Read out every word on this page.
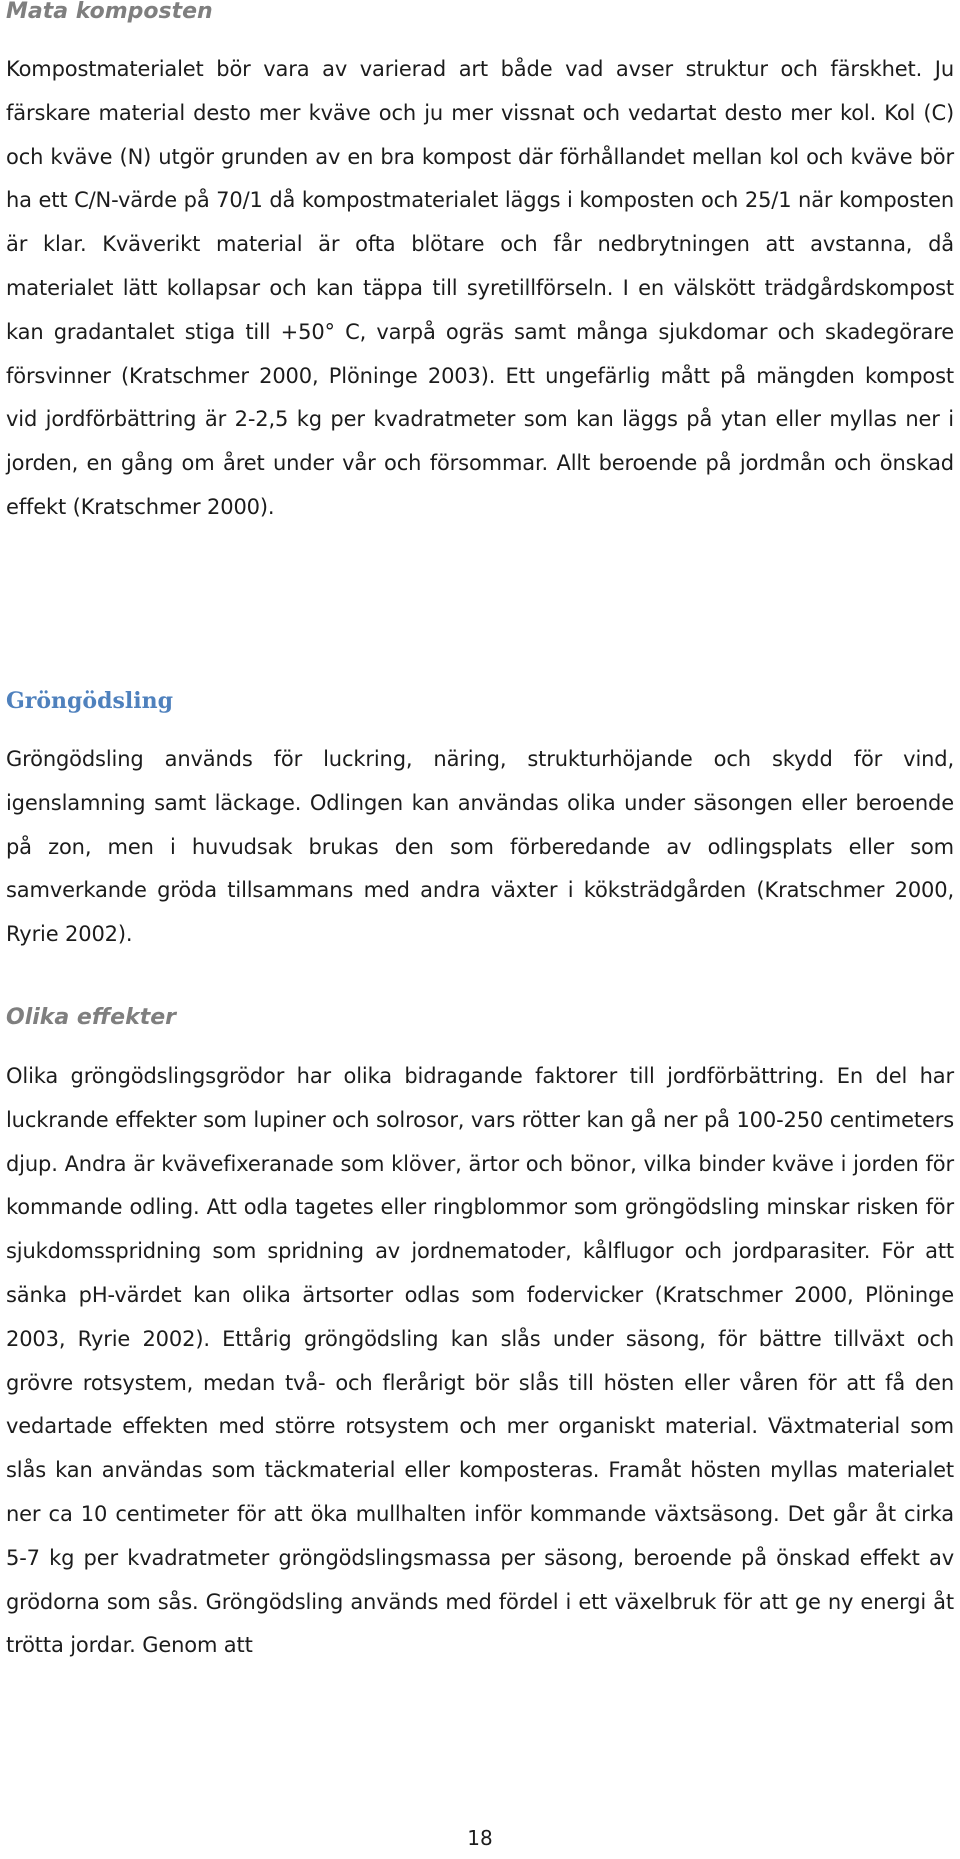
Mata komposten

Kompostmaterialet bör vara av varierad art både vad avser struktur och färskhet. Ju färskare material desto mer kväve och ju mer vissnat och vedartat desto mer kol. Kol (C) och kväve (N) utgör grunden av en bra kompost där förhållandet mellan kol och kväve bör ha ett C/N-värde på 70/1 då kompostmaterialet läggs i komposten och 25/1 när komposten är klar. Kväverikt material är ofta blötare och får nedbrytningen att avstanna, då materialet lätt kollapsar och kan täppa till syretillförseln. I en välskött trädgårdskompost kan gradantalet stiga till +50° C, varpå ogräs samt många sjukdomar och skadegörare försvinner (Kratschmer 2000, Plöninge 2003). Ett ungefärlig mått på mängden kompost vid jordförbättring är 2-2,5 kg per kvadratmeter som kan läggs på ytan eller myllas ner i jorden, en gång om året under vår och försommar. Allt beroende på jordmån och önskad effekt (Kratschmer 2000).

Gröngödsling

Gröngödsling används för luckring, näring, strukturhöjande och skydd för vind, igenslamning samt läckage. Odlingen kan användas olika under säsongen eller beroende på zon, men i huvudsak brukas den som förberedande av odlingsplats eller som samverkande gröda tillsammans med andra växter i köksträdgården (Kratschmer 2000, Ryrie 2002).

Olika effekter

Olika gröngödslingsgrödor har olika bidragande faktorer till jordförbättring. En del har luckrande effekter som lupiner och solrosor, vars rötter kan gå ner på 100-250 centimeters djup. Andra är kvävefixeranade som klöver, ärtor och bönor, vilka binder kväve i jorden för kommande odling. Att odla tagetes eller ringblommor som gröngödsling minskar risken för sjukdomsspridning som spridning av jordnematoder, kålflugor och jordparasiter. För att sänka pH-värdet kan olika ärtsorter odlas som fodervicker (Kratschmer 2000, Plöninge 2003, Ryrie 2002). Ettårig gröngödsling kan slås under säsong, för bättre tillväxt och grövre rotsystem, medan två- och flerårigt bör slås till hösten eller våren för att få den vedartade effekten med större rotsystem och mer organiskt material. Växtmaterial som slås kan användas som täckmaterial eller komposteras. Framåt hösten myllas materialet ner ca 10 centimeter för att öka mullhalten inför kommande växtsäsong. Det går åt cirka 5-7 kg per kvadratmeter gröngödslingsmassa per säsong, beroende på önskad effekt av grödorna som sås. Gröngödsling används med fördel i ett växelbruk för att ge ny energi åt trötta jordar. Genom att

18
